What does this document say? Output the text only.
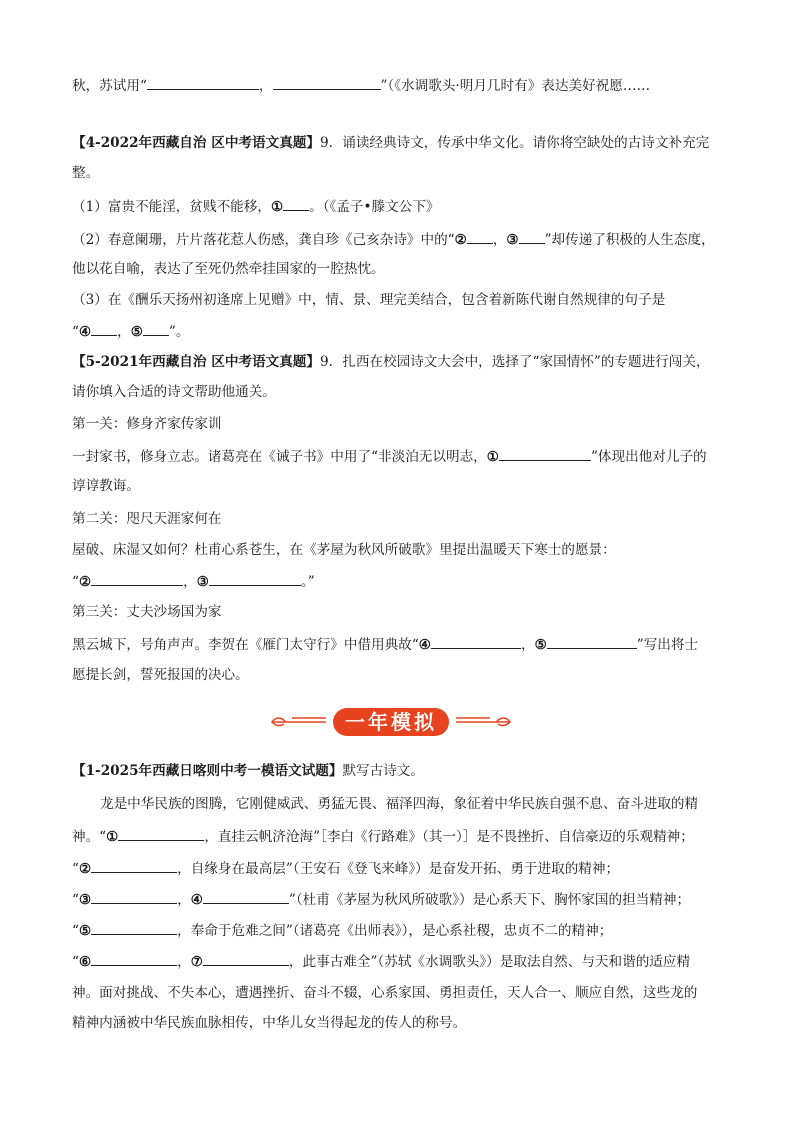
秋，苏试用“	，	”（《水调歌头·明月几时有》表达美好祝愿……
【4-2022年西藏自治 区中考语文真题】9．诵读经典诗文，传承中华文化。请你将空缺处的古诗文补充完
整。
（1）富贵不能淫，贫贱不能移，① 。（《孟子•滕文公下》
（2）春意阑珊，片片落花惹人伤感，龚自珍《己亥杂诗》中的“② ，③ ”却传递了积极的人生态度，
他以花自喻，表达了至死仍然牵挂国家的一腔热忱。
（3）在《酬乐天扬州初逢席上见赠》中，情、景、理完美结合，包含着新陈代谢自然规律的句子是
“④ ，⑤ ”。
【5-2021年西藏自治 区中考语文真题】9．扎西在校园诗文大会中，选择了“家国情怀”的专题进行闯关，
请你填入合适的诗文帮助他通关。
第一关：修身齐家传家训
一封家书，修身立志。诸葛亮在《诫子书》中用了“非淡泊无以明志，①	”体现出他对儿子的
谆谆教诲。
第二关：咫尺天涯家何在
屋破、床湿又如何？杜甫心系苍生，在《茅屋为秋风所破歌》里提出温暖天下寒士的愿景：
“②	，③	。”
第三关：丈夫沙场国为家
黑云城下，号角声声。李贺在《雁门太守行》中借用典故“④	，⑤	”写出将士
愿提长剑，誓死报国的决心。
一年模拟
【1-2025年西藏日喀则中考一模语文试题】默写古诗文。
龙是中华民族的图腾，它刚健威武、勇猛无畏、福泽四海，象征着中华民族自强不息、奋斗进取的精
神。“①	，直挂云帆济沧海”［李白《行路难》（其一）］是不畏挫折、自信豪迈的乐观精神；
“②	，自缘身在最高层”（王安石《登飞来峰》）是奋发开拓、勇于进取的精神；
“③	，④	”（杜甫《茅屋为秋风所破歌》）是心系天下、胸怀家国的担当精神；
“⑤	，奉命于危难之间”（诸葛亮《出师表》），是心系社稷，忠贞不二的精神；
“⑥	，⑦	，此事古难全”（苏轼《水调歌头》）是取法自然、与天和谐的适应精
神。面对挑战、不失本心，遭遇挫折、奋斗不辍，心系家国、勇担责任，天人合一、顺应自然，这些龙的
精神内涵被中华民族血脉相传，中华儿女当得起龙的传人的称号。
